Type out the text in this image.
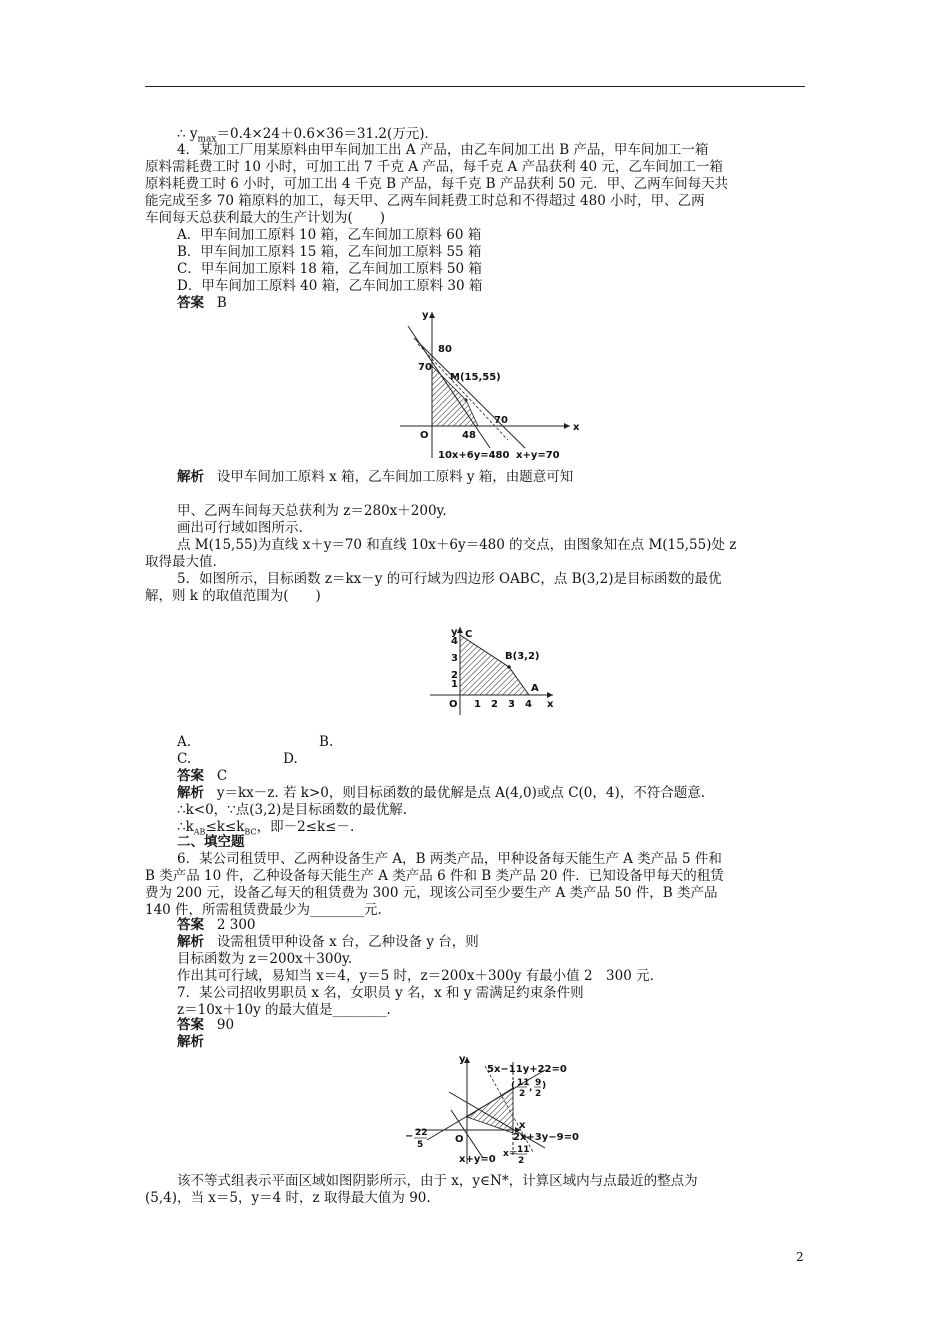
∴ $y_{max}=0.4\times 24+0.6\times 36=31.2$(万元)．
4．某加工厂用某原料由甲车间加工出 A 产品，由乙车间加工出 B 产品，甲车间加工一箱
原料需耗费工时 10 小时，可加工出 7 千克 A 产品，每千克 A 产品获利 40 元，乙车间加工一箱
原料耗费工时 6 小时，可加工出 4 千克 B 产品，每千克 B 产品获利 50 元．甲、乙两车间每天共
能完成至多 70 箱原料的加工，每天甲、乙两车间耗费工时总和不得超过 480 小时，甲、乙两
车间每天总获利最大的生产计划为(　　)
A．甲车间加工原料 10 箱，乙车间加工原料 60 箱
B．甲车间加工原料 15 箱，乙车间加工原料 55 箱
C．甲车间加工原料 18 箱，乙车间加工原料 50 箱
D．甲车间加工原料 40 箱，乙车间加工原料 30 箱
答案 B
y
x
O
80
70
M(15,55)
70
48
10x+6y=480 x+y=70
解析 设甲车间加工原料 x 箱，乙车间加工原料 y 箱，由题意可知
甲、乙两车间每天总获利为 z＝280x＋200y.
画出可行域如图所示.
点 M(15,55)为直线 x＋y＝70 和直线 10x＋6y＝480 的交点，由图象知在点 M(15,55)处 z
取得最大值.
5．如图所示，目标函数 z＝kx－y 的可行域为四边形 OABC，点 B(3,2)是目标函数的最优
解，则 k 的取值范围为(　　)
y
x
O
C
A
B(3,2)
4
3
2
1
1 2 3 4
A.	B.
C.	D.
答案 C
解析 y＝kx－z. 若 k>0，则目标函数的最优解是点 A(4,0)或点 C(0，4)，不符合题意.
∴k<0，∵点(3,2)是目标函数的最优解.
$\therefore k_{AB}\le k\le k_{BC}$，即－2≤k≤－.
二、填空题
6．某公司租赁甲、乙两种设备生产 A，B 两类产品，甲种设备每天能生产 A 类产品 5 件和
B 类产品 10 件，乙种设备每天能生产 A 类产品 6 件和 B 类产品 20 件．已知设备甲每天的租赁
费为 200 元，设备乙每天的租赁费为 300 元，现该公司至少要生产 A 类产品 50 件，B 类产品
140 件，所需租赁费最少为________元.
答案 2 300
解析 设需租赁甲种设备 x 台，乙种设备 y 台，则
目标函数为 z＝200x＋300y.
作出其可行域，易知当 x＝4，y＝5 时，z＝200x＋300y 有最小值 2　300 元.
7．某公司招收男职员 x 名，女职员 y 名，x 和 y 需满足约束条件则
z＝10x＋10y 的最大值是________.
答案 90
解析
y
x
O
5x−11y+22=0
( 11
2
, 9
2
)
− 22
5
2x+3y−9=0
x+y=0 x＝ 11
2
该不等式组表示平面区域如图阴影所示，由于 x，y∈N*，计算区域内与点最近的整点为
(5,4)，当 x＝5，y＝4 时，z 取得最大值为 90.
2
